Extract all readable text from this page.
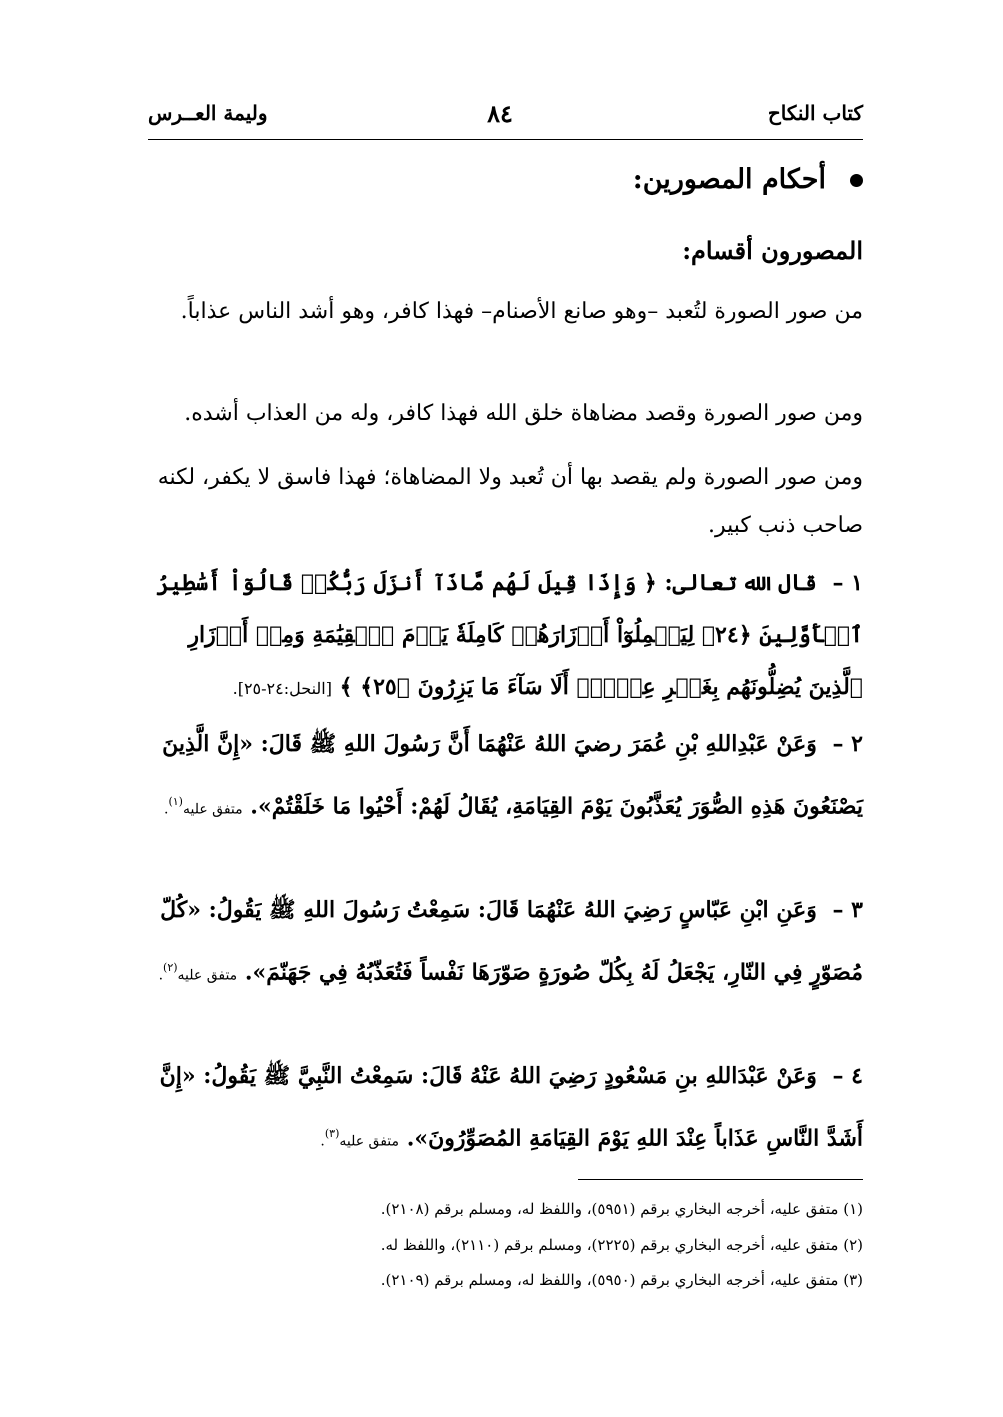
كتاب النكاح
٨٤
وليمة العــرس
أحكام المصورين:
المصورون أقسام:
من صور الصورة لتُعبد –وهو صانع الأصنام– فهذا كافر، وهو أشد الناس عذاباً.
ومن صور الصورة وقصد مضاهاة خلق الله فهذا كافر، وله من العذاب أشده.
ومن صور الصورة ولم يقصد بها أن تُعبد ولا المضاهاة؛ فهذا فاسق لا يكفر، لكنه صاحب ذنب كبير.
١ – قال الله تعالى: ﴿ وَإِذَا قِيلَ لَهُم مَّاذَآ أَنزَلَ رَبُّكُمۡ قَالُوٓاْ أَسَٰطِيرُ ٱلۡأَوَّلِينَ ﴿٢٤﴾ لِيَحۡمِلُوٓاْ أَوۡزَارَهُمۡ كَامِلَةٗ يَوۡمَ ٱلۡقِيَٰمَةِ وَمِنۡ أَوۡزَارِ ٱلَّذِينَ يُضِلُّونَهُم بِغَيۡرِ عِلۡمٍۗ أَلَا سَآءَ مَا يَزِرُونَ ﴿٢٥﴾ ﴾ [النحل:٢٤-٢٥].
٢ – وَعَنْ عَبْدِاللهِ بْنِ عُمَرَ رضيَ اللهُ عَنْهُمَا أَنَّ رَسُولَ اللهِ ﷺ قَالَ: «إِنَّ الَّذِينَ يَصْنَعُونَ هَذِهِ الصُّوَرَ يُعَذَّبُونَ يَوْمَ القِيَامَةِ، يُقَالُ لَهُمْ: أَحْيُوا مَا خَلَقْتُمْ». متفق عليه$^{(١)}$.
٣ – وَعَنِ ابْنِ عَبّاسٍ رَضِيَ اللهُ عَنْهُمَا قَالَ: سَمِعْتُ رَسُولَ اللهِ ﷺ يَقُولُ: «كُلّ مُصَوّرٍ فِي النّارِ، يَجْعَلُ لَهُ بِكُلّ صُورَةٍ صَوّرَهَا نَفْساً فَتُعَذّبُهُ فِي جَهَنّمَ». متفق عليه$^{(٢)}$.
٤ – وَعَنْ عَبْدَاللهِ بنِ مَسْعُودٍ رَضِيَ اللهُ عَنْهُ قَالَ: سَمِعْتُ النَّبِيَّ ﷺ يَقُولُ: «إِنَّ أَشَدَّ النَّاسِ عَذَاباً عِنْدَ اللهِ يَوْمَ القِيَامَةِ المُصَوِّرُونَ». متفق عليه$^{(٣)}$.
(١) متفق عليه، أخرجه البخاري برقم (٥٩٥١)، واللفظ له، ومسلم برقم (٢١٠٨).
(٢) متفق عليه، أخرجه البخاري برقم (٢٢٢٥)، ومسلم برقم (٢١١٠)، واللفظ له.
(٣) متفق عليه، أخرجه البخاري برقم (٥٩٥٠)، واللفظ له، ومسلم برقم (٢١٠٩).
